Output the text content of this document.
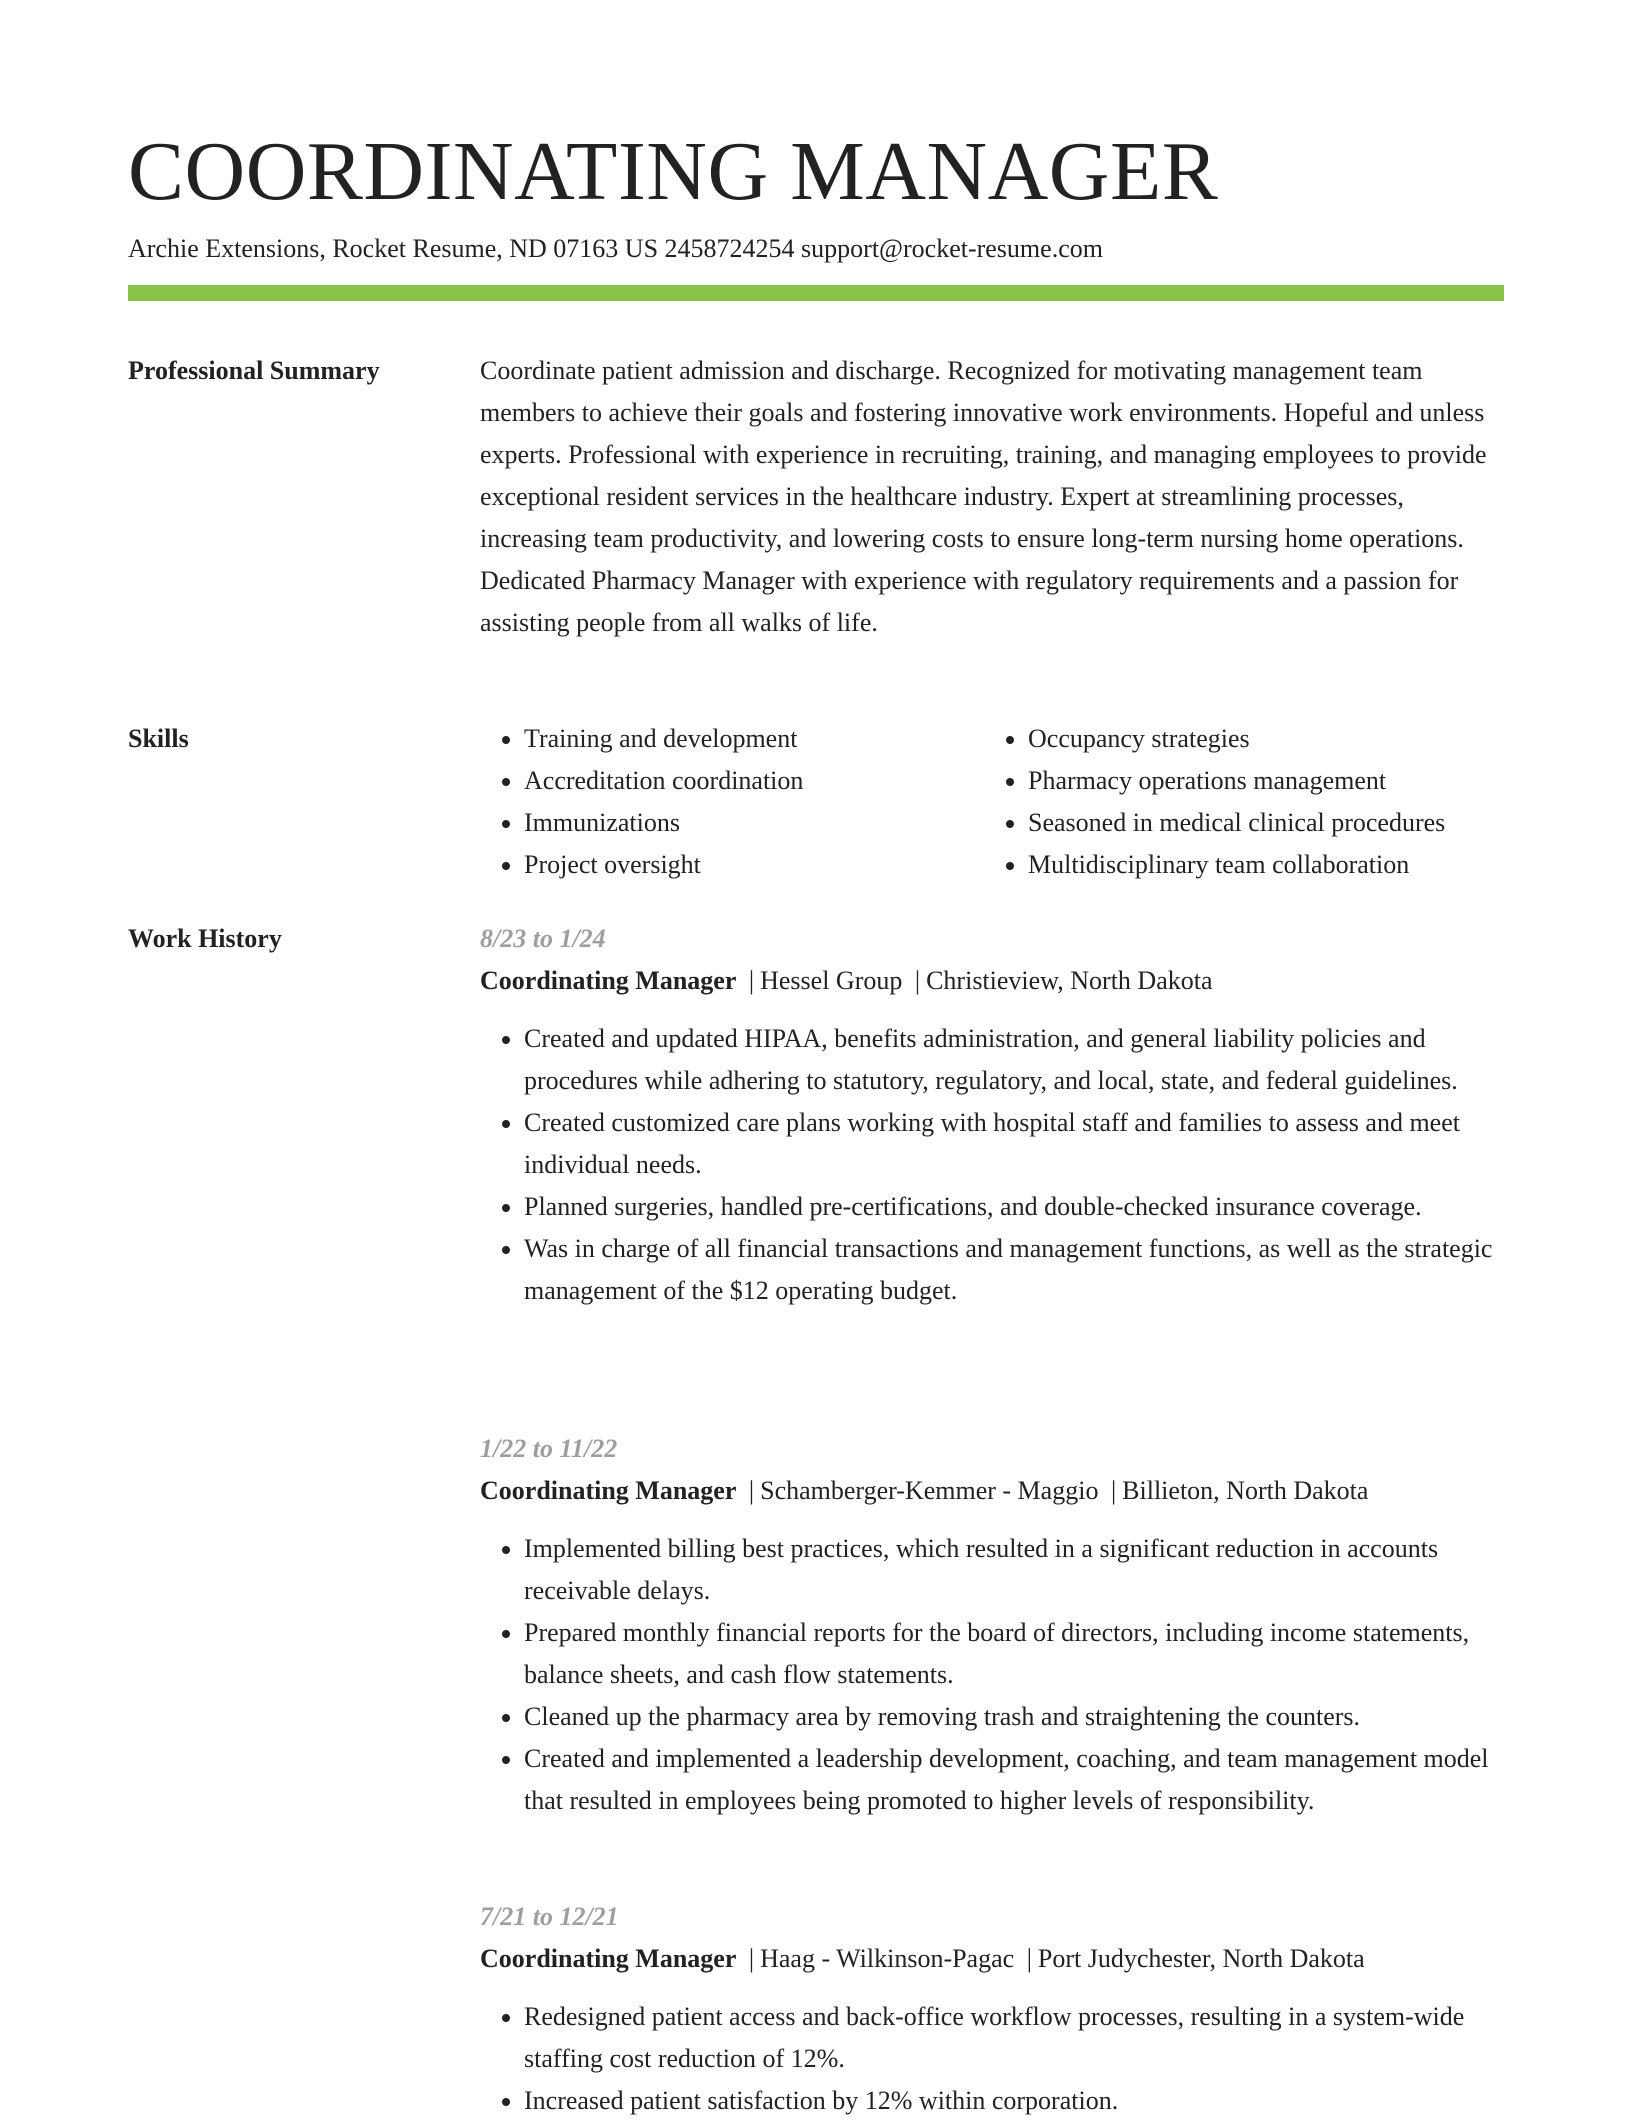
COORDINATING MANAGER
Archie Extensions, Rocket Resume, ND 07163 US 2458724254 support@rocket-resume.com
Professional Summary	Coordinate patient admission and discharge. Recognized for motivating management team members to achieve their goals and fostering innovative work environments. Hopeful and unless experts. Professional with experience in recruiting, training, and managing employees to provide exceptional resident services in the healthcare industry. Expert at streamlining processes, increasing team productivity, and lowering costs to ensure long-term nursing home operations. Dedicated Pharmacy Manager with experience with regulatory requirements and a passion for assisting people from all walks of life.

Skills
•	Training and development
• Accreditation coordination
• Immunizations
• Project oversight
• Occupancy strategies
• Pharmacy operations management
• Seasoned in medical clinical procedures
• Multidisciplinary team collaboration
Work History	8/23 to 1/24
Coordinating Manager | Hessel Group | Christieview, North Dakota
• Created and updated HIPAA, benefits administration, and general liability policies and procedures while adhering to statutory, regulatory, and local, state, and federal guidelines.
• Created customized care plans working with hospital staff and families to assess and meet individual needs.
• Planned surgeries, handled pre-certifications, and double-checked insurance coverage.
• Was in charge of all financial transactions and management functions, as well as the strategic management of the $12 operating budget.
1/22 to 11/22
Coordinating Manager | Schamberger-Kemmer - Maggio | Billieton, North Dakota
• Implemented billing best practices, which resulted in a significant reduction in accounts receivable delays.
• Prepared monthly financial reports for the board of directors, including income statements, balance sheets, and cash flow statements.
• Cleaned up the pharmacy area by removing trash and straightening the counters.
• Created and implemented a leadership development, coaching, and team management model that resulted in employees being promoted to higher levels of responsibility.
7/21 to 12/21
Coordinating Manager | Haag - Wilkinson-Pagac | Port Judychester, North Dakota
• Redesigned patient access and back-office workflow processes, resulting in a system-wide staffing cost reduction of 12%.
• Increased patient satisfaction by 12% within corporation.
